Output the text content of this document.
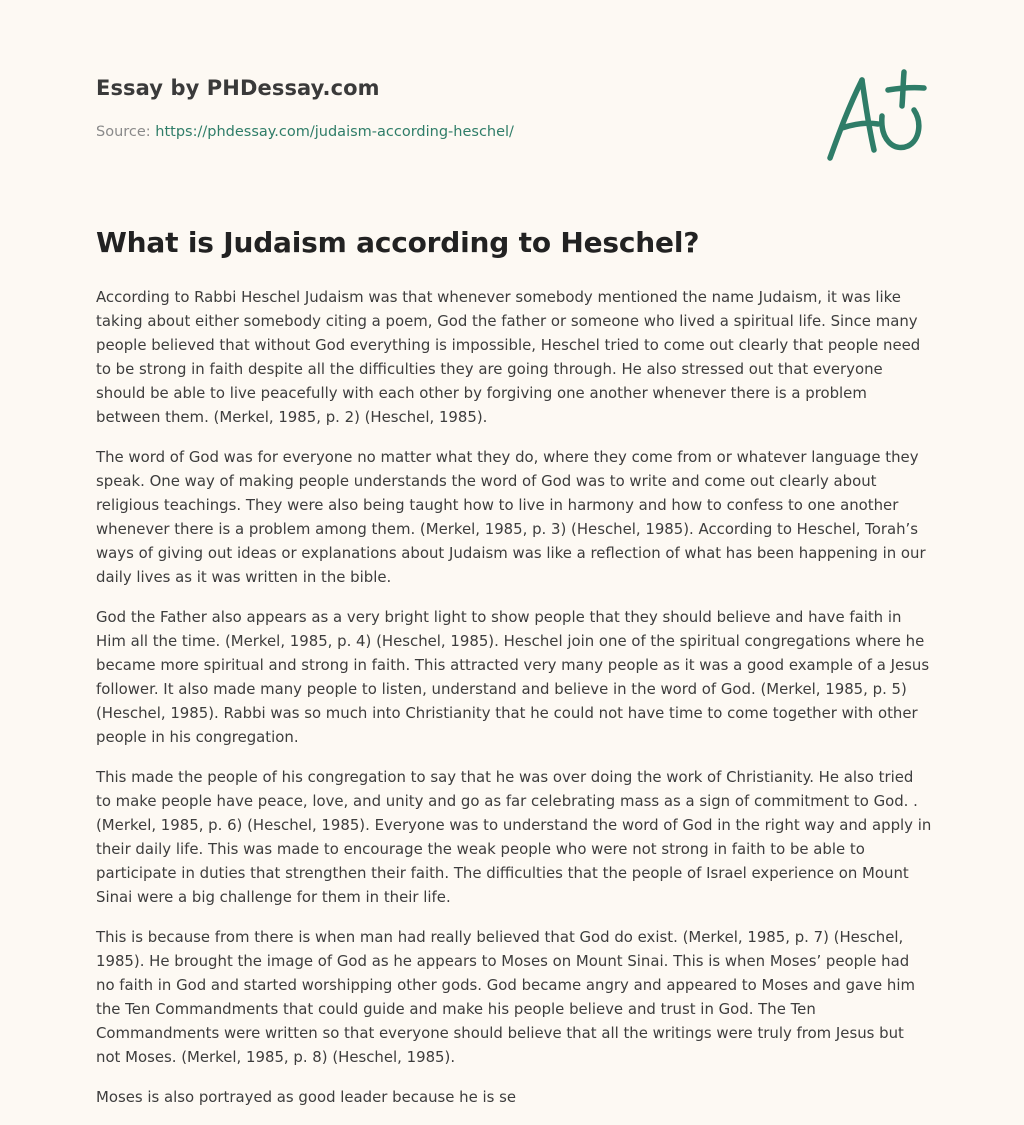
Essay by PHDessay.com

Source: https://phdessay.com/judaism-according-heschel/

What is Judaism according to Heschel?

According to Rabbi Heschel Judaism was that whenever somebody mentioned the name Judaism, it was like taking about either somebody citing a poem, God the father or someone who lived a spiritual life. Since many people believed that without God everything is impossible, Heschel tried to come out clearly that people need to be strong in faith despite all the difficulties they are going through. He also stressed out that everyone should be able to live peacefully with each other by forgiving one another whenever there is a problem between them. (Merkel, 1985, p. 2) (Heschel, 1985).

The word of God was for everyone no matter what they do, where they come from or whatever language they speak. One way of making people understands the word of God was to write and come out clearly about religious teachings. They were also being taught how to live in harmony and how to confess to one another whenever there is a problem among them. (Merkel, 1985, p. 3) (Heschel, 1985). According to Heschel, Torah’s ways of giving out ideas or explanations about Judaism was like a reflection of what has been happening in our daily lives as it was written in the bible.

God the Father also appears as a very bright light to show people that they should believe and have faith in Him all the time. (Merkel, 1985, p. 4) (Heschel, 1985). Heschel join one of the spiritual congregations where he became more spiritual and strong in faith. This attracted very many people as it was a good example of a Jesus follower. It also made many people to listen, understand and believe in the word of God. (Merkel, 1985, p. 5) (Heschel, 1985). Rabbi was so much into Christianity that he could not have time to come together with other people in his congregation.

This made the people of his congregation to say that he was over doing the work of Christianity. He also tried to make people have peace, love, and unity and go as far celebrating mass as a sign of commitment to God. . (Merkel, 1985, p. 6) (Heschel, 1985). Everyone was to understand the word of God in the right way and apply in their daily life. This was made to encourage the weak people who were not strong in faith to be able to participate in duties that strengthen their faith. The difficulties that the people of Israel experience on Mount Sinai were a big challenge for them in their life.

This is because from there is when man had really believed that God do exist. (Merkel, 1985, p. 7) (Heschel, 1985). He brought the image of God as he appears to Moses on Mount Sinai. This is when Moses’ people had no faith in God and started worshipping other gods. God became angry and appeared to Moses and gave him the Ten Commandments that could guide and make his people believe and trust in God. The Ten Commandments were written so that everyone should believe that all the writings were truly from Jesus but not Moses. (Merkel, 1985, p. 8) (Heschel, 1985).

Moses is also portrayed as good leader because he is se
